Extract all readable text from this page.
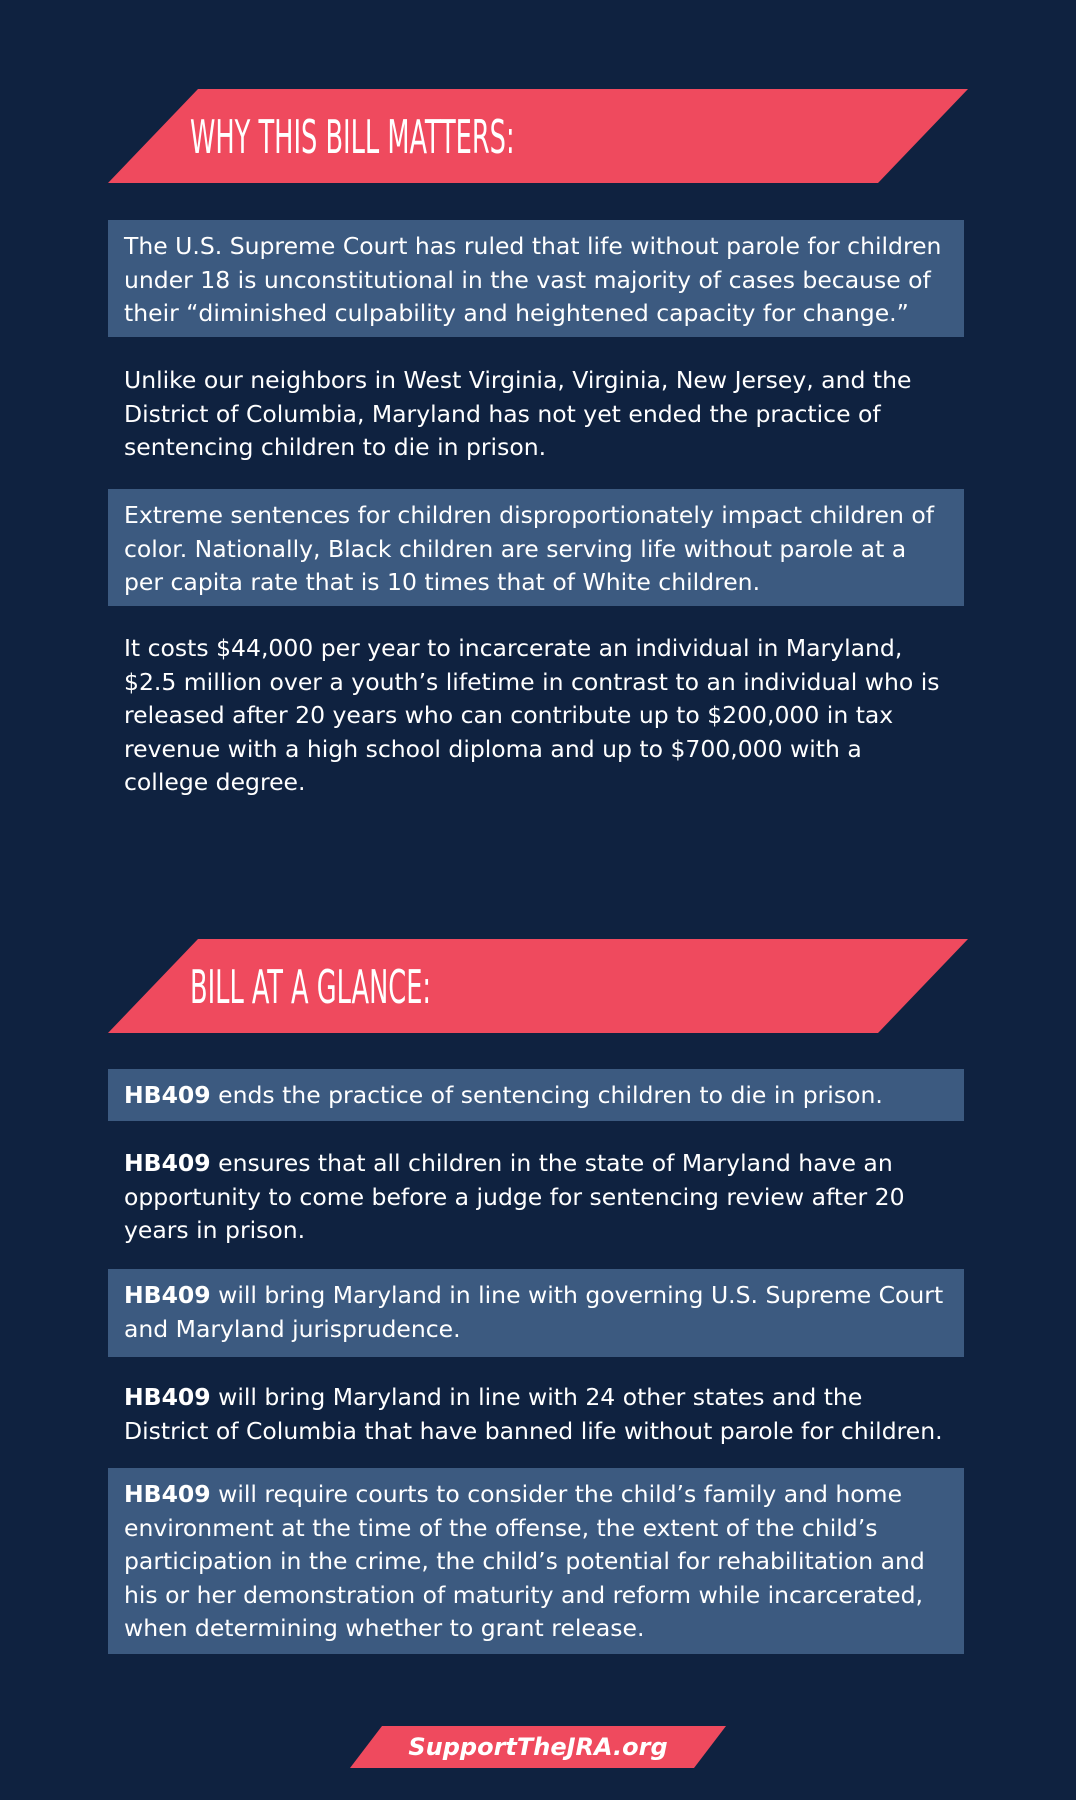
WHY THIS BILL MATTERS:

The U.S. Supreme Court has ruled that life without parole for children under 18 is unconstitutional in the vast majority of cases because of their “diminished culpability and heightened capacity for change.”

Unlike our neighbors in West Virginia, Virginia, New Jersey, and the District of Columbia, Maryland has not yet ended the practice of sentencing children to die in prison.

Extreme sentences for children disproportionately impact children of color. Nationally, Black children are serving life without parole at a per capita rate that is 10 times that of White children.

It costs $44,000 per year to incarcerate an individual in Maryland, $2.5 million over a youth’s lifetime in contrast to an individual who is released after 20 years who can contribute up to $200,000 in tax revenue with a high school diploma and up to $700,000 with a college degree.

BILL AT A GLANCE:

HB409 ends the practice of sentencing children to die in prison.

HB409 ensures that all children in the state of Maryland have an opportunity to come before a judge for sentencing review after 20 years in prison.

HB409 will bring Maryland in line with governing U.S. Supreme Court and Maryland jurisprudence.

HB409 will bring Maryland in line with 24 other states and the District of Columbia that have banned life without parole for children.

HB409 will require courts to consider the child’s family and home environment at the time of the offense, the extent of the child’s participation in the crime, the child’s potential for rehabilitation and his or her demonstration of maturity and reform while incarcerated, when determining whether to grant release.

SupportTheJRA.org
